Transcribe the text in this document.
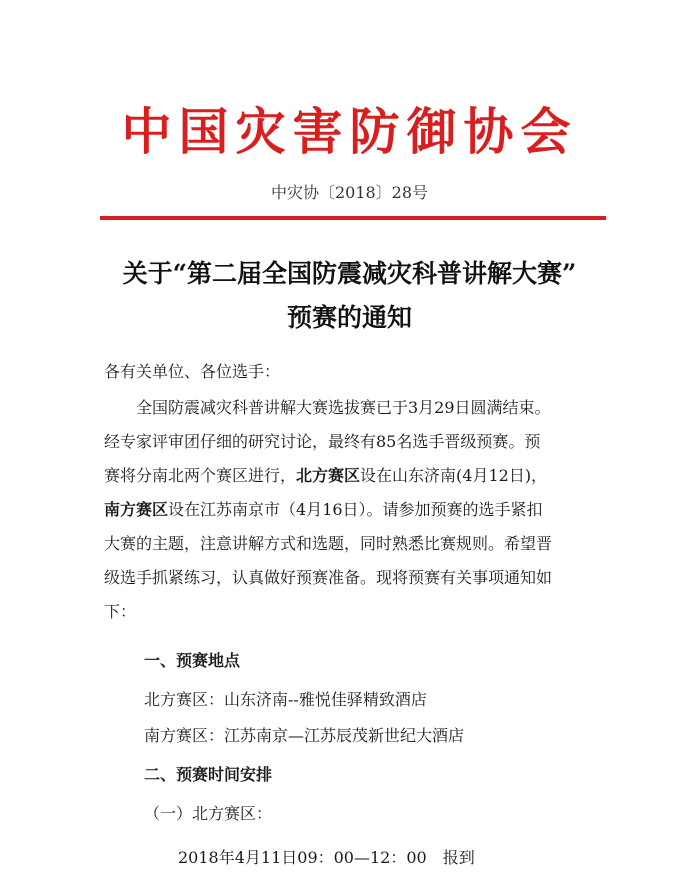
中国灾害防御协会
中灾协〔2018〕28号
关于“第二届全国防震减灾科普讲解大赛”
预赛的通知

各有关单位、各位选手：

　　全国防震减灾科普讲解大赛选拔赛已于3月29日圆满结束。

经专家评审团仔细的研究讨论，最终有85名选手晋级预赛。预

赛将分南北两个赛区进行，北方赛区设在山东济南(4月12日)，

南方赛区设在江苏南京市（4月16日）。请参加预赛的选手紧扣

大赛的主题，注意讲解方式和选题，同时熟悉比赛规则。希望晋

级选手抓紧练习，认真做好预赛准备。现将预赛有关事项通知如

下：

一、预赛地点

北方赛区：山东济南--雅悦佳驿精致酒店

南方赛区：江苏南京—江苏辰茂新世纪大酒店

二、预赛时间安排

（一）北方赛区：

2018年4月11日09：00—12：00　报到
